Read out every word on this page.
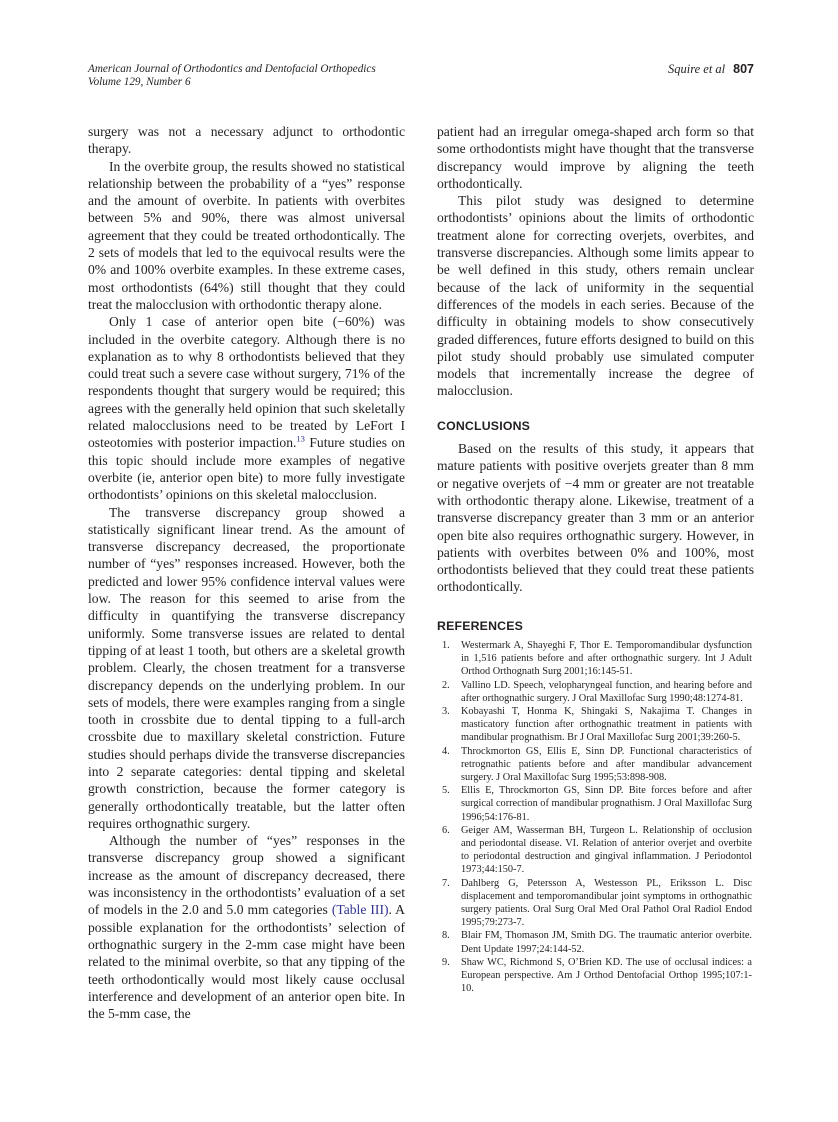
American Journal of Orthodontics and Dentofacial Orthopedics
Volume 129, Number 6
Squire et al 807

surgery was not a necessary adjunct to orthodontic therapy.

In the overbite group, the results showed no statistical relationship between the probability of a “yes” response and the amount of overbite. In patients with overbites between 5% and 90%, there was almost universal agreement that they could be treated orthodontically. The 2 sets of models that led to the equivocal results were the 0% and 100% overbite examples. In these extreme cases, most orthodontists (64%) still thought that they could treat the malocclusion with orthodontic therapy alone.

Only 1 case of anterior open bite (−60%) was included in the overbite category. Although there is no explanation as to why 8 orthodontists believed that they could treat such a severe case without surgery, 71% of the respondents thought that surgery would be required; this agrees with the generally held opinion that such skeletally related malocclusions need to be treated by LeFort I osteotomies with posterior impaction.$^{13}$ Future studies on this topic should include more examples of negative overbite (ie, anterior open bite) to more fully investigate orthodontists’ opinions on this skeletal malocclusion.

The transverse discrepancy group showed a statistically significant linear trend. As the amount of transverse discrepancy decreased, the proportionate number of “yes” responses increased. However, both the predicted and lower 95% confidence interval values were low. The reason for this seemed to arise from the difficulty in quantifying the transverse discrepancy uniformly. Some transverse issues are related to dental tipping of at least 1 tooth, but others are a skeletal growth problem. Clearly, the chosen treatment for a transverse discrepancy depends on the underlying problem. In our sets of models, there were examples ranging from a single tooth in crossbite due to dental tipping to a full-arch crossbite due to maxillary skeletal constriction. Future studies should perhaps divide the transverse discrepancies into 2 separate categories: dental tipping and skeletal growth constriction, because the former category is generally orthodontically treatable, but the latter often requires orthognathic surgery.

Although the number of “yes” responses in the transverse discrepancy group showed a significant increase as the amount of discrepancy decreased, there was inconsistency in the orthodontists’ evaluation of a set of models in the 2.0 and 5.0 mm categories (Table III). A possible explanation for the orthodontists’ selection of orthognathic surgery in the 2-mm case might have been related to the minimal overbite, so that any tipping of the teeth orthodontically would most likely cause occlusal interference and development of an anterior open bite. In the 5-mm case, the

patient had an irregular omega-shaped arch form so that some orthodontists might have thought that the transverse discrepancy would improve by aligning the teeth orthodontically.

This pilot study was designed to determine orthodontists’ opinions about the limits of orthodontic treatment alone for correcting overjets, overbites, and transverse discrepancies. Although some limits appear to be well defined in this study, others remain unclear because of the lack of uniformity in the sequential differences of the models in each series. Because of the difficulty in obtaining models to show consecutively graded differences, future efforts designed to build on this pilot study should probably use simulated computer models that incrementally increase the degree of malocclusion.

CONCLUSIONS

Based on the results of this study, it appears that mature patients with positive overjets greater than 8 mm or negative overjets of −4 mm or greater are not treatable with orthodontic therapy alone. Likewise, treatment of a transverse discrepancy greater than 3 mm or an anterior open bite also requires orthognathic surgery. However, in patients with overbites between 0% and 100%, most orthodontists believed that they could treat these patients orthodontically.

REFERENCES
1. Westermark A, Shayeghi F, Thor E. Temporomandibular dysfunction in 1,516 patients before and after orthognathic surgery. Int J Adult Orthod Orthognath Surg 2001;16:145-51.
2. Vallino LD. Speech, velopharyngeal function, and hearing before and after orthognathic surgery. J Oral Maxillofac Surg 1990;48:1274-81.
3. Kobayashi T, Honma K, Shingaki S, Nakajima T. Changes in masticatory function after orthognathic treatment in patients with mandibular prognathism. Br J Oral Maxillofac Surg 2001;39:260-5.
4. Throckmorton GS, Ellis E, Sinn DP. Functional characteristics of retrognathic patients before and after mandibular advancement surgery. J Oral Maxillofac Surg 1995;53:898-908.
5. Ellis E, Throckmorton GS, Sinn DP. Bite forces before and after surgical correction of mandibular prognathism. J Oral Maxillofac Surg 1996;54:176-81.
6. Geiger AM, Wasserman BH, Turgeon L. Relationship of occlusion and periodontal disease. VI. Relation of anterior overjet and overbite to periodontal destruction and gingival inflammation. J Periodontol 1973;44:150-7.
7. Dahlberg G, Petersson A, Westesson PL, Eriksson L. Disc displacement and temporomandibular joint symptoms in orthognathic surgery patients. Oral Surg Oral Med Oral Pathol Oral Radiol Endod 1995;79:273-7.
8. Blair FM, Thomason JM, Smith DG. The traumatic anterior overbite. Dent Update 1997;24:144-52.
9. Shaw WC, Richmond S, O’Brien KD. The use of occlusal indices: a European perspective. Am J Orthod Dentofacial Orthop 1995;107:1-10.
